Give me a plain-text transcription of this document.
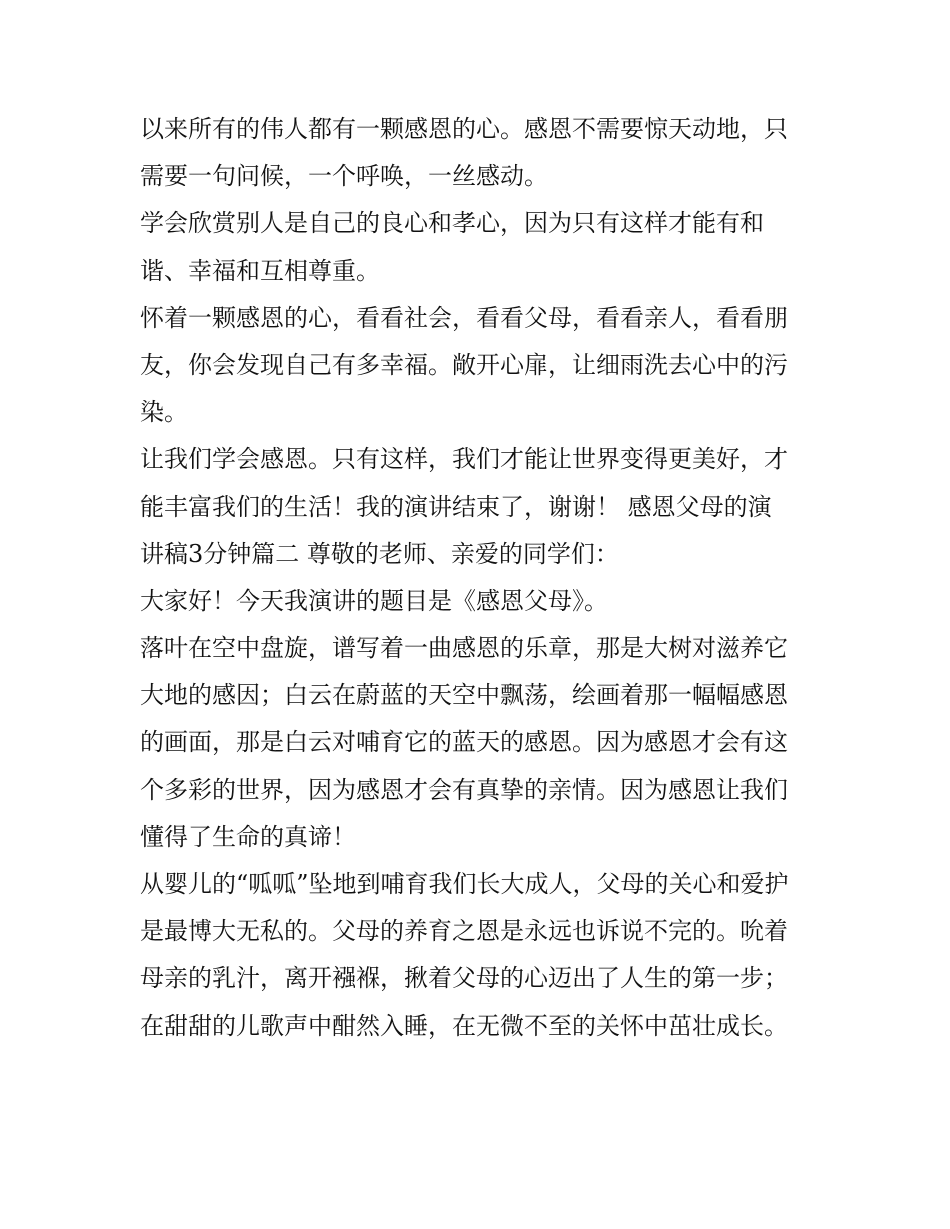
以来所有的伟人都有一颗感恩的心。感恩不需要惊天动地，只
需要一句问候，一个呼唤，一丝感动。
学会欣赏别人是自己的良心和孝心，因为只有这样才能有和
谐、幸福和互相尊重。
怀着一颗感恩的心，看看社会，看看父母，看看亲人，看看朋
友，你会发现自己有多幸福。敞开心扉，让细雨洗去心中的污
染。
让我们学会感恩。只有这样，我们才能让世界变得更美好，才
能丰富我们的生活！我的演讲结束了，谢谢！ 感恩父母的演
讲稿3分钟篇二 尊敬的老师、亲爱的同学们：
大家好！今天我演讲的题目是《感恩父母》。
落叶在空中盘旋，谱写着一曲感恩的乐章，那是大树对滋养它
大地的感因；白云在蔚蓝的天空中飘荡，绘画着那一幅幅感恩
的画面，那是白云对哺育它的蓝天的感恩。因为感恩才会有这
个多彩的世界，因为感恩才会有真挚的亲情。因为感恩让我们
懂得了生命的真谛！
从婴儿的“呱呱”坠地到哺育我们长大成人，父母的关心和爱护
是最博大无私的。父母的养育之恩是永远也诉说不完的。吮着
母亲的乳汁，离开襁褓，揪着父母的心迈出了人生的第一步；
在甜甜的儿歌声中酣然入睡，在无微不至的关怀中茁壮成长。
